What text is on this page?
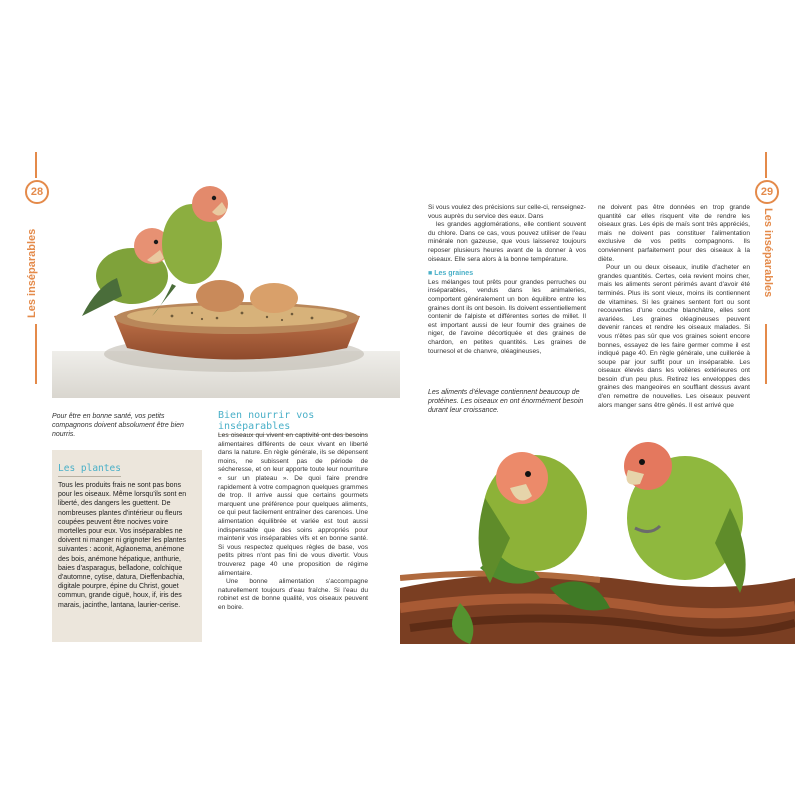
28
Les inséparables
Pour être en bonne santé, vos petits compagnons doivent absolument être bien nourris.
Les plantes
Tous les produits frais ne sont pas bons pour les oiseaux. Même lorsqu'ils sont en liberté, des dangers les guettent. De nombreuses plantes d'intérieur ou fleurs coupées peuvent être nocives voire mortelles pour eux. Vos inséparables ne doivent ni manger ni grignoter les plantes suivantes : aconit, Aglaonema, anémone des bois, anémone hépatique, anthurie, baies d'asparagus, belladone, colchique d'automne, cytise, datura, Dieffenbachia, digitale pourpre, épine du Christ, gouet commun, grande ciguë, houx, if, iris des marais, jacinthe, lantana, laurier-cerise.
Bien nourrir vos inséparables

Les oiseaux qui vivent en captivité ont des besoins alimentaires différents de ceux vivant en liberté dans la nature. En règle générale, ils se dépensent moins, ne subissent pas de période de sécheresse, et on leur apporte toute leur nourriture « sur un plateau ». De quoi faire prendre rapidement à votre compagnon quelques grammes de trop. Il arrive aussi que certains gourmets marquent une préférence pour quelques aliments, ce qui peut facilement entraîner des carences. Une alimentation équilibrée et variée est tout aussi indispensable que des soins appropriés pour maintenir vos inséparables vifs et en bonne santé. Si vous respectez quelques règles de base, vos petits pitres n'ont pas fini de vous divertir. Vous trouverez page 40 une proposition de régime alimentaire.

Une bonne alimentation s'accompagne naturellement toujours d'eau fraîche. Si l'eau du robinet est de bonne qualité, vos oiseaux peuvent en boire.

Si vous voulez des précisions sur celle-ci, renseignez-vous auprès du service des eaux. Dans

les grandes agglomérations, elle contient souvent du chlore. Dans ce cas, vous pouvez utiliser de l'eau minérale non gazeuse, que vous laisserez toujours reposer plusieurs heures avant de la donner à vos oiseaux. Elle sera alors à la bonne température.

■ Les graines

Les mélanges tout prêts pour grandes perruches ou inséparables, vendus dans les animaleries, comportent généralement un bon équilibre entre les graines dont ils ont besoin. Ils doivent essentiellement contenir de l'alpiste et différentes sortes de millet. Il est important aussi de leur fournir des graines de niger, de l'avoine décortiquée et des graines de chardon, en petites quantités. Les graines de tournesol et de chanvre, oléagineuses,

Les aliments d'élevage contiennent beaucoup de protéines. Les oiseaux en ont énormément besoin durant leur croissance.

ne doivent pas être données en trop grande quantité car elles risquent vite de rendre les oiseaux gras. Les épis de maïs sont très appréciés, mais ne doivent pas constituer l'alimentation exclusive de vos petits compagnons. Ils conviennent parfaitement pour des oiseaux à la diète.

Pour un ou deux oiseaux, inutile d'acheter en grandes quantités. Certes, cela revient moins cher, mais les aliments seront périmés avant d'avoir été terminés. Plus ils sont vieux, moins ils contiennent de vitamines. Si les graines sentent fort ou sont recouvertes d'une couche blanchâtre, elles sont avariées. Les graines oléagineuses peuvent devenir rances et rendre les oiseaux malades. Si vous n'êtes pas sûr que vos graines soient encore bonnes, essayez de les faire germer comme il est indiqué page 40. En règle générale, une cuillerée à soupe par jour suffit pour un inséparable. Les oiseaux élevés dans les volières extérieures ont besoin d'un peu plus. Retirez les enveloppes des graines des mangeoires en soufflant dessus avant d'en remettre de nouvelles. Les oiseaux peuvent alors manger sans être gênés. Il est arrivé que

29
Les inséparables
